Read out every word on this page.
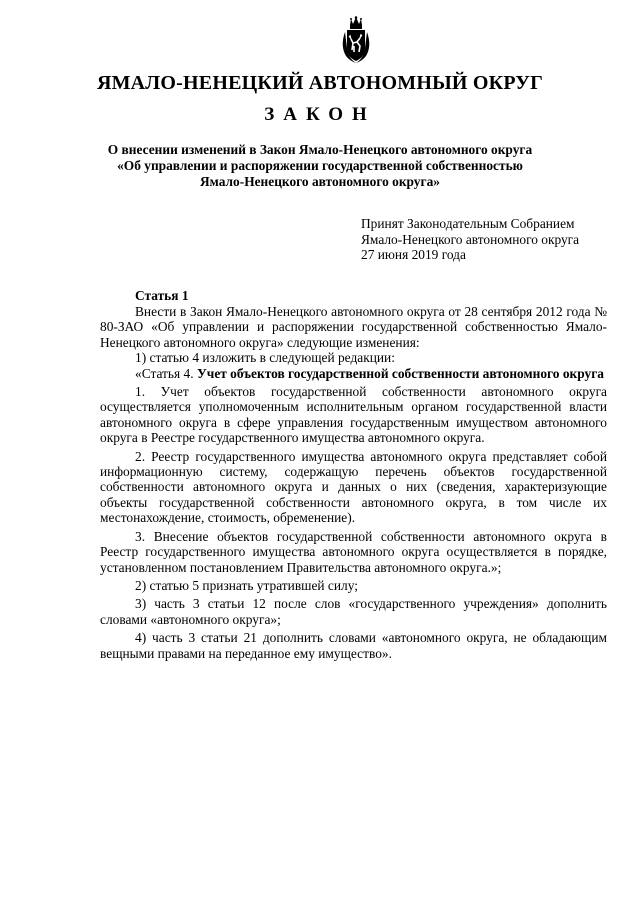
ЯМАЛО-НЕНЕЦКИЙ АВТОНОМНЫЙ ОКРУГ
ЗАКОН
О внесении изменений в Закон Ямало-Ненецкого автономного округа
«Об управлении и распоряжении государственной собственностью
Ямало-Ненецкого автономного округа»
Принят Законодательным Собранием
Ямало-Ненецкого автономного округа
27 июня 2019 года
Статья 1

Внести в Закон Ямало-Ненецкого автономного округа от 28 сентября 2012 года № 80-ЗАО «Об управлении и распоряжении государственной собственностью Ямало-Ненецкого автономного округа» следующие изменения:

1) статью 4 изложить в следующей редакции:

«Статья 4. Учет объектов государственной собственности автономного округа

1. Учет объектов государственной собственности автономного округа осуществляется уполномоченным исполнительным органом государственной власти автономного округа в сфере управления государственным имуществом автономного округа в Реестре государственного имущества автономного округа.

2. Реестр государственного имущества автономного округа представляет собой информационную систему, содержащую перечень объектов государственной собственности автономного округа и данных о них (сведения, характеризующие объекты государственной собственности автономного округа, в том числе их местонахождение, стоимость, обременение).

3. Внесение объектов государственной собственности автономного округа в Реестр государственного имущества автономного округа осуществляется в порядке, установленном постановлением Правительства автономного округа.»;

2) статью 5 признать утратившей силу;

3) часть 3 статьи 12 после слов «государственного учреждения» дополнить словами «автономного округа»;

4) часть 3 статьи 21 дополнить словами «автономного округа, не обладающим вещными правами на переданное ему имущество».
